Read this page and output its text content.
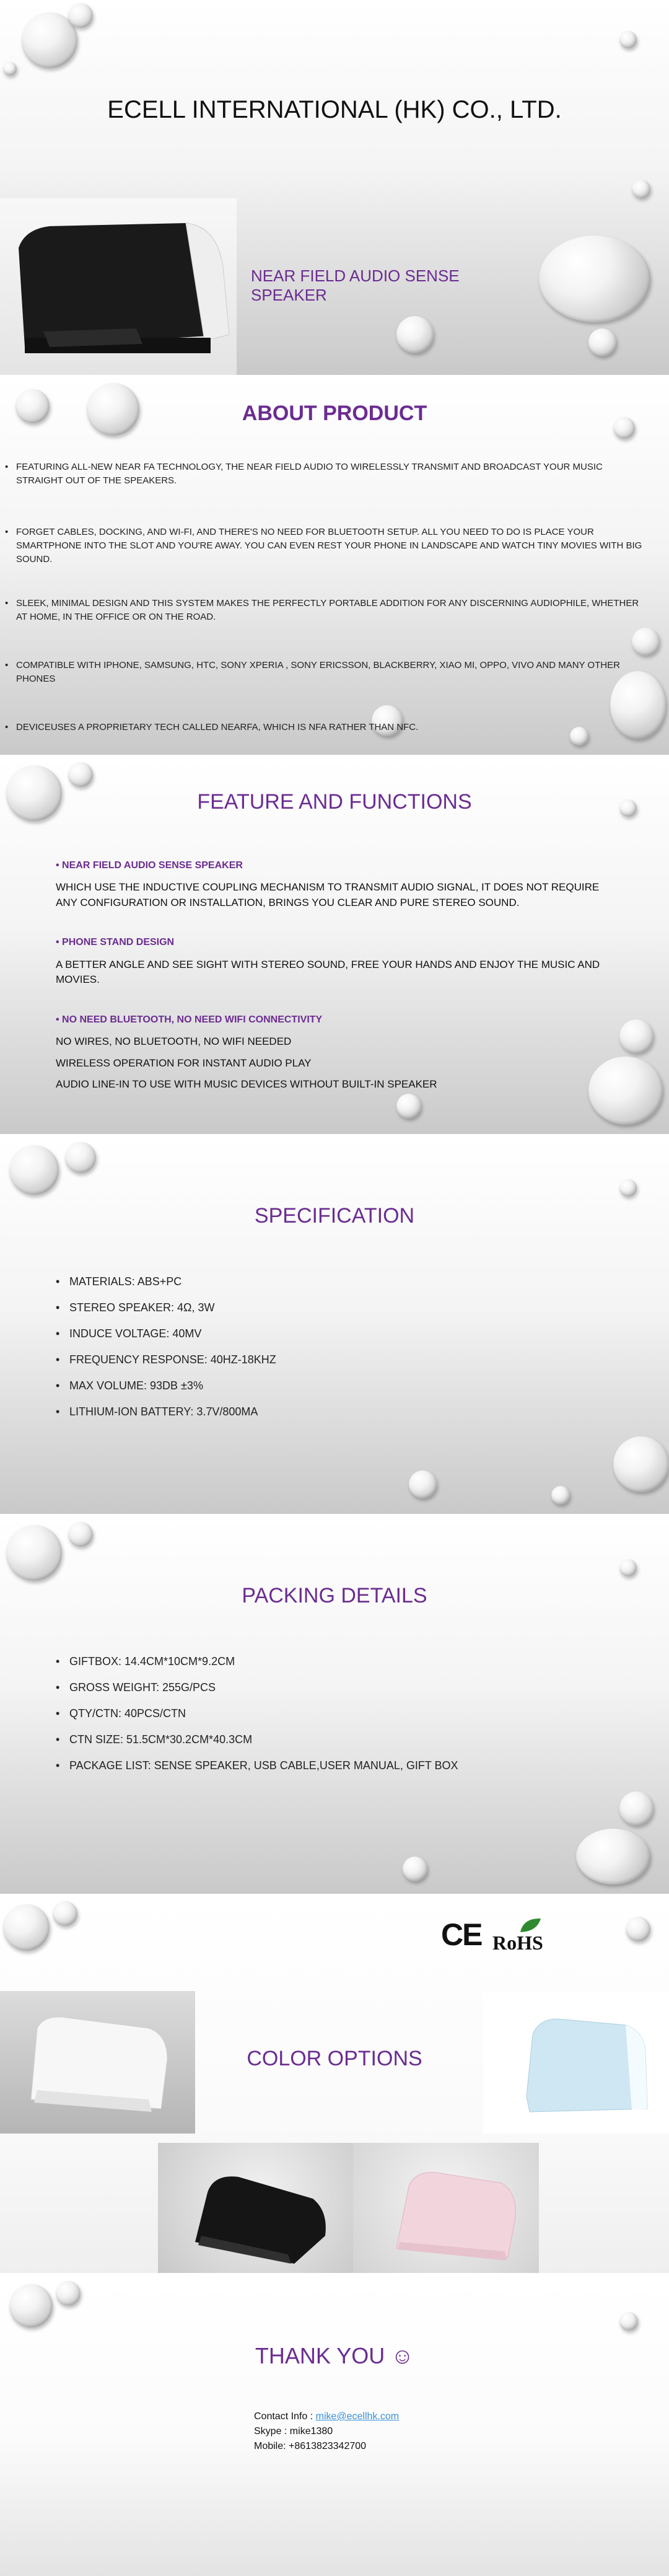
ECELL INTERNATIONAL (HK) CO., LTD.
NEAR FIELD AUDIO SENSE SPEAKER
ABOUT PRODUCT
• FEATURING ALL-NEW NEAR FA TECHNOLOGY, THE NEAR FIELD AUDIO TO WIRELESSLY TRANSMIT AND BROADCAST YOUR MUSIC STRAIGHT OUT OF THE SPEAKERS.
• FORGET CABLES, DOCKING, AND WI-FI, AND THERE'S NO NEED FOR BLUETOOTH SETUP. ALL YOU NEED TO DO IS PLACE YOUR SMARTPHONE INTO THE SLOT AND YOU'RE AWAY. YOU CAN EVEN REST YOUR PHONE IN LANDSCAPE AND WATCH TINY MOVIES WITH BIG SOUND.
• SLEEK, MINIMAL DESIGN AND THIS SYSTEM MAKES THE PERFECTLY PORTABLE ADDITION FOR ANY DISCERNING AUDIOPHILE, WHETHER AT HOME, IN THE OFFICE OR ON THE ROAD.
• COMPATIBLE WITH IPHONE, SAMSUNG, HTC, SONY XPERIA , SONY ERICSSON, BLACKBERRY, XIAO MI, OPPO, VIVO AND MANY OTHER PHONES
• DEVICEUSES A PROPRIETARY TECH CALLED NEARFA, WHICH IS NFA RATHER THAN NFC.
FEATURE AND FUNCTIONS
• NEAR FIELD AUDIO SENSE SPEAKER
WHICH USE THE INDUCTIVE COUPLING MECHANISM TO TRANSMIT AUDIO SIGNAL, IT DOES NOT REQUIRE ANY CONFIGURATION OR INSTALLATION, BRINGS YOU CLEAR AND PURE STEREO SOUND.
• PHONE STAND DESIGN
A BETTER ANGLE AND SEE SIGHT WITH STEREO SOUND, FREE YOUR HANDS AND ENJOY THE MUSIC AND MOVIES.
• NO NEED BLUETOOTH, NO NEED WIFI CONNECTIVITY
NO WIRES, NO BLUETOOTH, NO WIFI NEEDED
WIRELESS OPERATION FOR INSTANT AUDIO PLAY
AUDIO LINE-IN TO USE WITH MUSIC DEVICES WITHOUT BUILT-IN SPEAKER
SPECIFICATION
• MATERIALS: ABS+PC
• STEREO SPEAKER: 4Ω, 3W
• INDUCE VOLTAGE: 40MV
• FREQUENCY RESPONSE: 40HZ-18KHZ
• MAX VOLUME: 93DB ±3%
• LITHIUM-ION BATTERY: 3.7V/800MA
PACKING DETAILS
• GIFTBOX: 14.4CM*10CM*9.2CM
• GROSS WEIGHT: 255G/PCS
• QTY/CTN: 40PCS/CTN
• CTN SIZE: 51.5CM*30.2CM*40.3CM
• PACKAGE LIST: SENSE SPEAKER, USB CABLE,USER MANUAL, GIFT BOX
CE RoHS
COLOR OPTIONS
THANK YOU ☺
Contact Info : mike@ecellhk.com
Skype : mike1380
Mobile: +8613823342700
